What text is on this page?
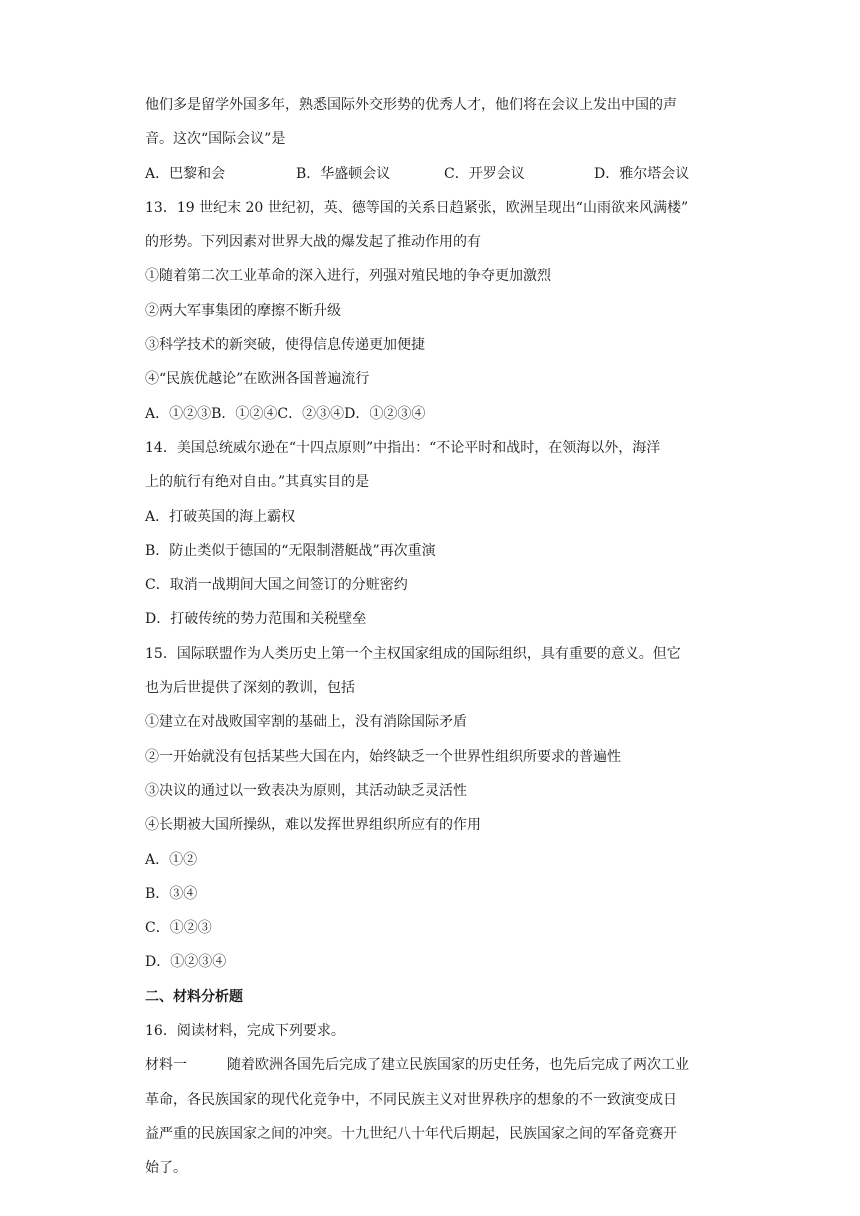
他们多是留学外国多年，熟悉国际外交形势的优秀人才，他们将在会议上发出中国的声
音。这次“国际会议”是
A．巴黎和会	B．华盛顿会议	C．开罗会议	D．雅尔塔会议
13．19 世纪末 20 世纪初，英、德等国的关系日趋紧张，欧洲呈现出“山雨欲来风满楼”
的形势。下列因素对世界大战的爆发起了推动作用的有
①随着第二次工业革命的深入进行，列强对殖民地的争夺更加激烈
②两大军事集团的摩擦不断升级
③科学技术的新突破，使得信息传递更加便捷
④“民族优越论”在欧洲各国普遍流行
A．①②③B．①②④C．②③④D．①②③④
14．美国总统威尔逊在“十四点原则”中指出：“不论平时和战时，在领海以外，海洋
上的航行有绝对自由。”其真实目的是
A．打破英国的海上霸权
B．防止类似于德国的“无限制潜艇战”再次重演
C．取消一战期间大国之间签订的分赃密约
D．打破传统的势力范围和关税壁垒
15．国际联盟作为人类历史上第一个主权国家组成的国际组织，具有重要的意义。但它
也为后世提供了深刻的教训，包括
①建立在对战败国宰割的基础上，没有消除国际矛盾
②一开始就没有包括某些大国在内，始终缺乏一个世界性组织所要求的普遍性
③决议的通过以一致表决为原则，其活动缺乏灵活性
④长期被大国所操纵，难以发挥世界组织所应有的作用
A．①②
B．③④
C．①②③
D．①②③④
二、材料分析题
16．阅读材料，完成下列要求。
材料一	随着欧洲各国先后完成了建立民族国家的历史任务，也先后完成了两次工业
革命，各民族国家的现代化竞争中，不同民族主义对世界秩序的想象的不一致演变成日
益严重的民族国家之间的冲突。十九世纪八十年代后期起，民族国家之间的军备竞赛开
始了。
